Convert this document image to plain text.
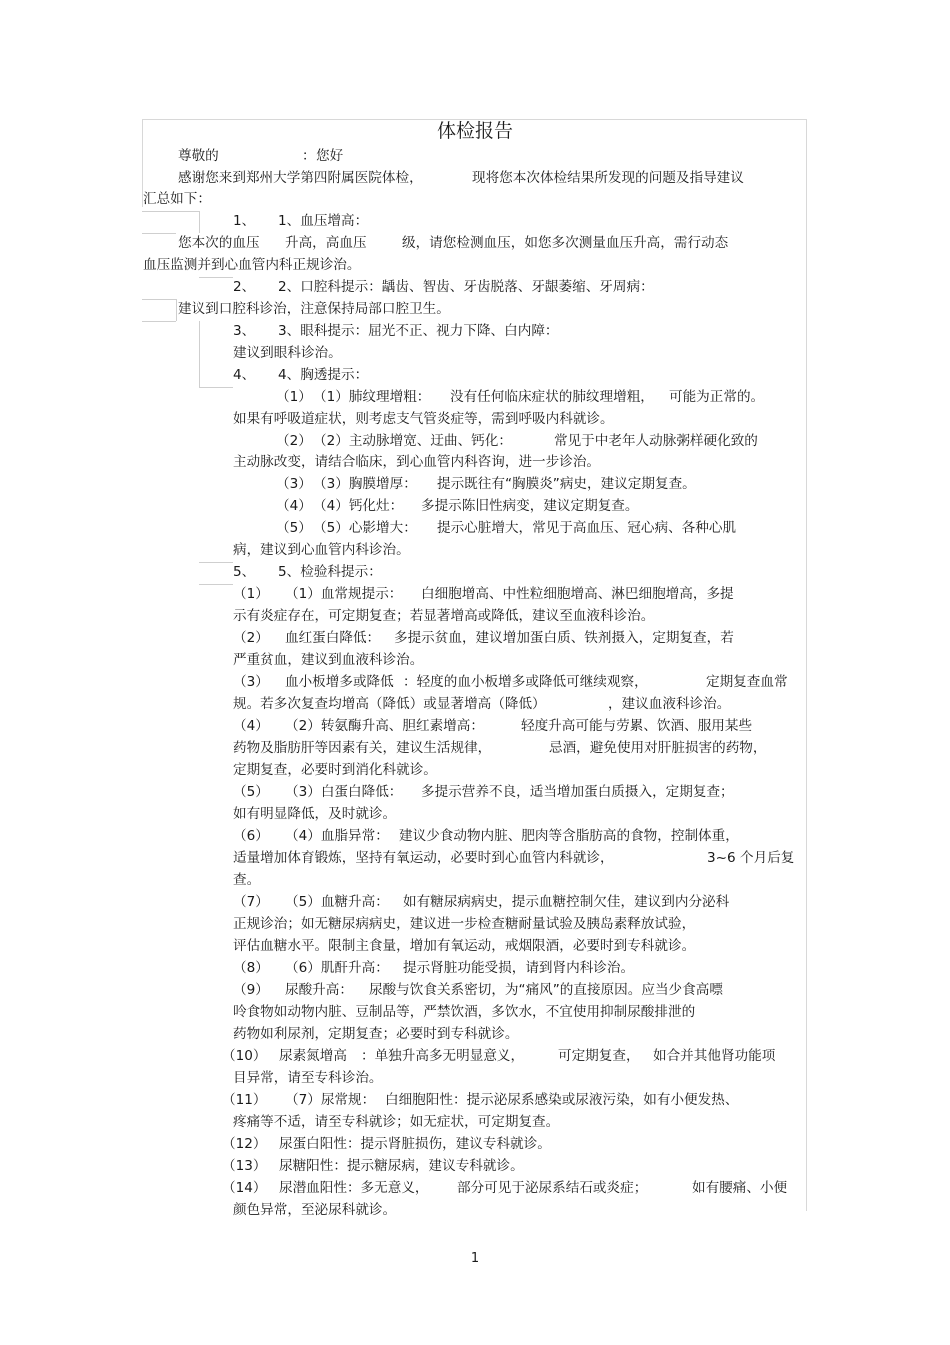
体检报告
尊敬的	： 您好
感谢您来到郑州大学第四附属医院体检，	现将您本次体检结果所发现的问题及指导建议
汇总如下：
1、 1、血压增高：
您本次的血压 升高，高血压	级，请您检测血压，如您多次测量血压升高，需行动态
血压监测并到心血管内科正规诊治。
2、 2、口腔科提示：龋齿、智齿、牙齿脱落、牙龈萎缩、牙周病：
建议到口腔科诊治，注意保持局部口腔卫生。
3、 3、眼科提示：屈光不正、视力下降、白内障：
建议到眼科诊治。
4、 4、胸透提示：
（1） （1）肺纹理增粗： 没有任何临床症状的肺纹理增粗， 可能为正常的。
如果有呼吸道症状，则考虑支气管炎症等，需到呼吸内科就诊。
（2） （2）主动脉增宽、迂曲、钙化：	常见于中老年人动脉粥样硬化致的
主动脉改变，请结合临床，到心血管内科咨询，进一步诊治。
（3） （3）胸膜增厚： 提示既往有“胸膜炎”病史，建议定期复查。
（4） （4）钙化灶： 多提示陈旧性病变，建议定期复查。
（5） （5）心影增大： 提示心脏增大，常见于高血压、冠心病、各种心肌
病，建议到心血管内科诊治。
5、 5、检验科提示：
（1） （1）血常规提示： 白细胞增高、中性粒细胞增高、淋巴细胞增高，多提
示有炎症存在，可定期复查；若显著增高或降低，建议至血液科诊治。
（2） 血红蛋白降低： 多提示贫血，建议增加蛋白质、铁剂摄入，定期复查，若
严重贫血，建议到血液科诊治。
（3） 血小板增多或降低 ：轻度的血小板增多或降低可继续观察，	定期复查血常
规。若多次复查均增高（降低）或显著增高（降低）	，建议血液科诊治。
（4） （2）转氨酶升高、胆红素增高：	轻度升高可能与劳累、饮酒、服用某些
药物及脂肪肝等因素有关，建议生活规律，	忌酒，避免使用对肝脏损害的药物，
定期复查，必要时到消化科就诊。
（5） （3）白蛋白降低： 多提示营养不良，适当增加蛋白质摄入，定期复查；
如有明显降低，及时就诊。
（6） （4）血脂异常： 建议少食动物内脏、肥肉等含脂肪高的食物，控制体重，
适量增加体育锻炼，坚持有氧运动，必要时到心血管内科就诊，	3~6 个月后复
查。
（7） （5）血糖升高： 如有糖尿病病史，提示血糖控制欠佳，建议到内分泌科
正规诊治；如无糖尿病病史，建议进一步检查糖耐量试验及胰岛素释放试验，
评估血糖水平。限制主食量，增加有氧运动，戒烟限酒，必要时到专科就诊。
（8） （6）肌酐升高： 提示肾脏功能受损，请到肾内科诊治。
（9） 尿酸升高： 尿酸与饮食关系密切，为“痛风”的直接原因。应当少食高嘌
呤食物如动物内脏、豆制品等，严禁饮酒，多饮水，不宜使用抑制尿酸排泄的
药物如利尿剂，定期复查；必要时到专科就诊。
（10） 尿素氮增高 ：单独升高多无明显意义， 可定期复查， 如合并其他肾功能项
目异常，请至专科诊治。
（11） （7）尿常规： 白细胞阳性：提示泌尿系感染或尿液污染，如有小便发热、
疼痛等不适，请至专科就诊；如无症状，可定期复查。
（12） 尿蛋白阳性：提示肾脏损伤，建议专科就诊。
（13） 尿糖阳性：提示糖尿病，建议专科就诊。
（14） 尿潜血阳性：多无意义， 部分可见于泌尿系结石或炎症；	如有腰痛、小便
颜色异常，至泌尿科就诊。
1
